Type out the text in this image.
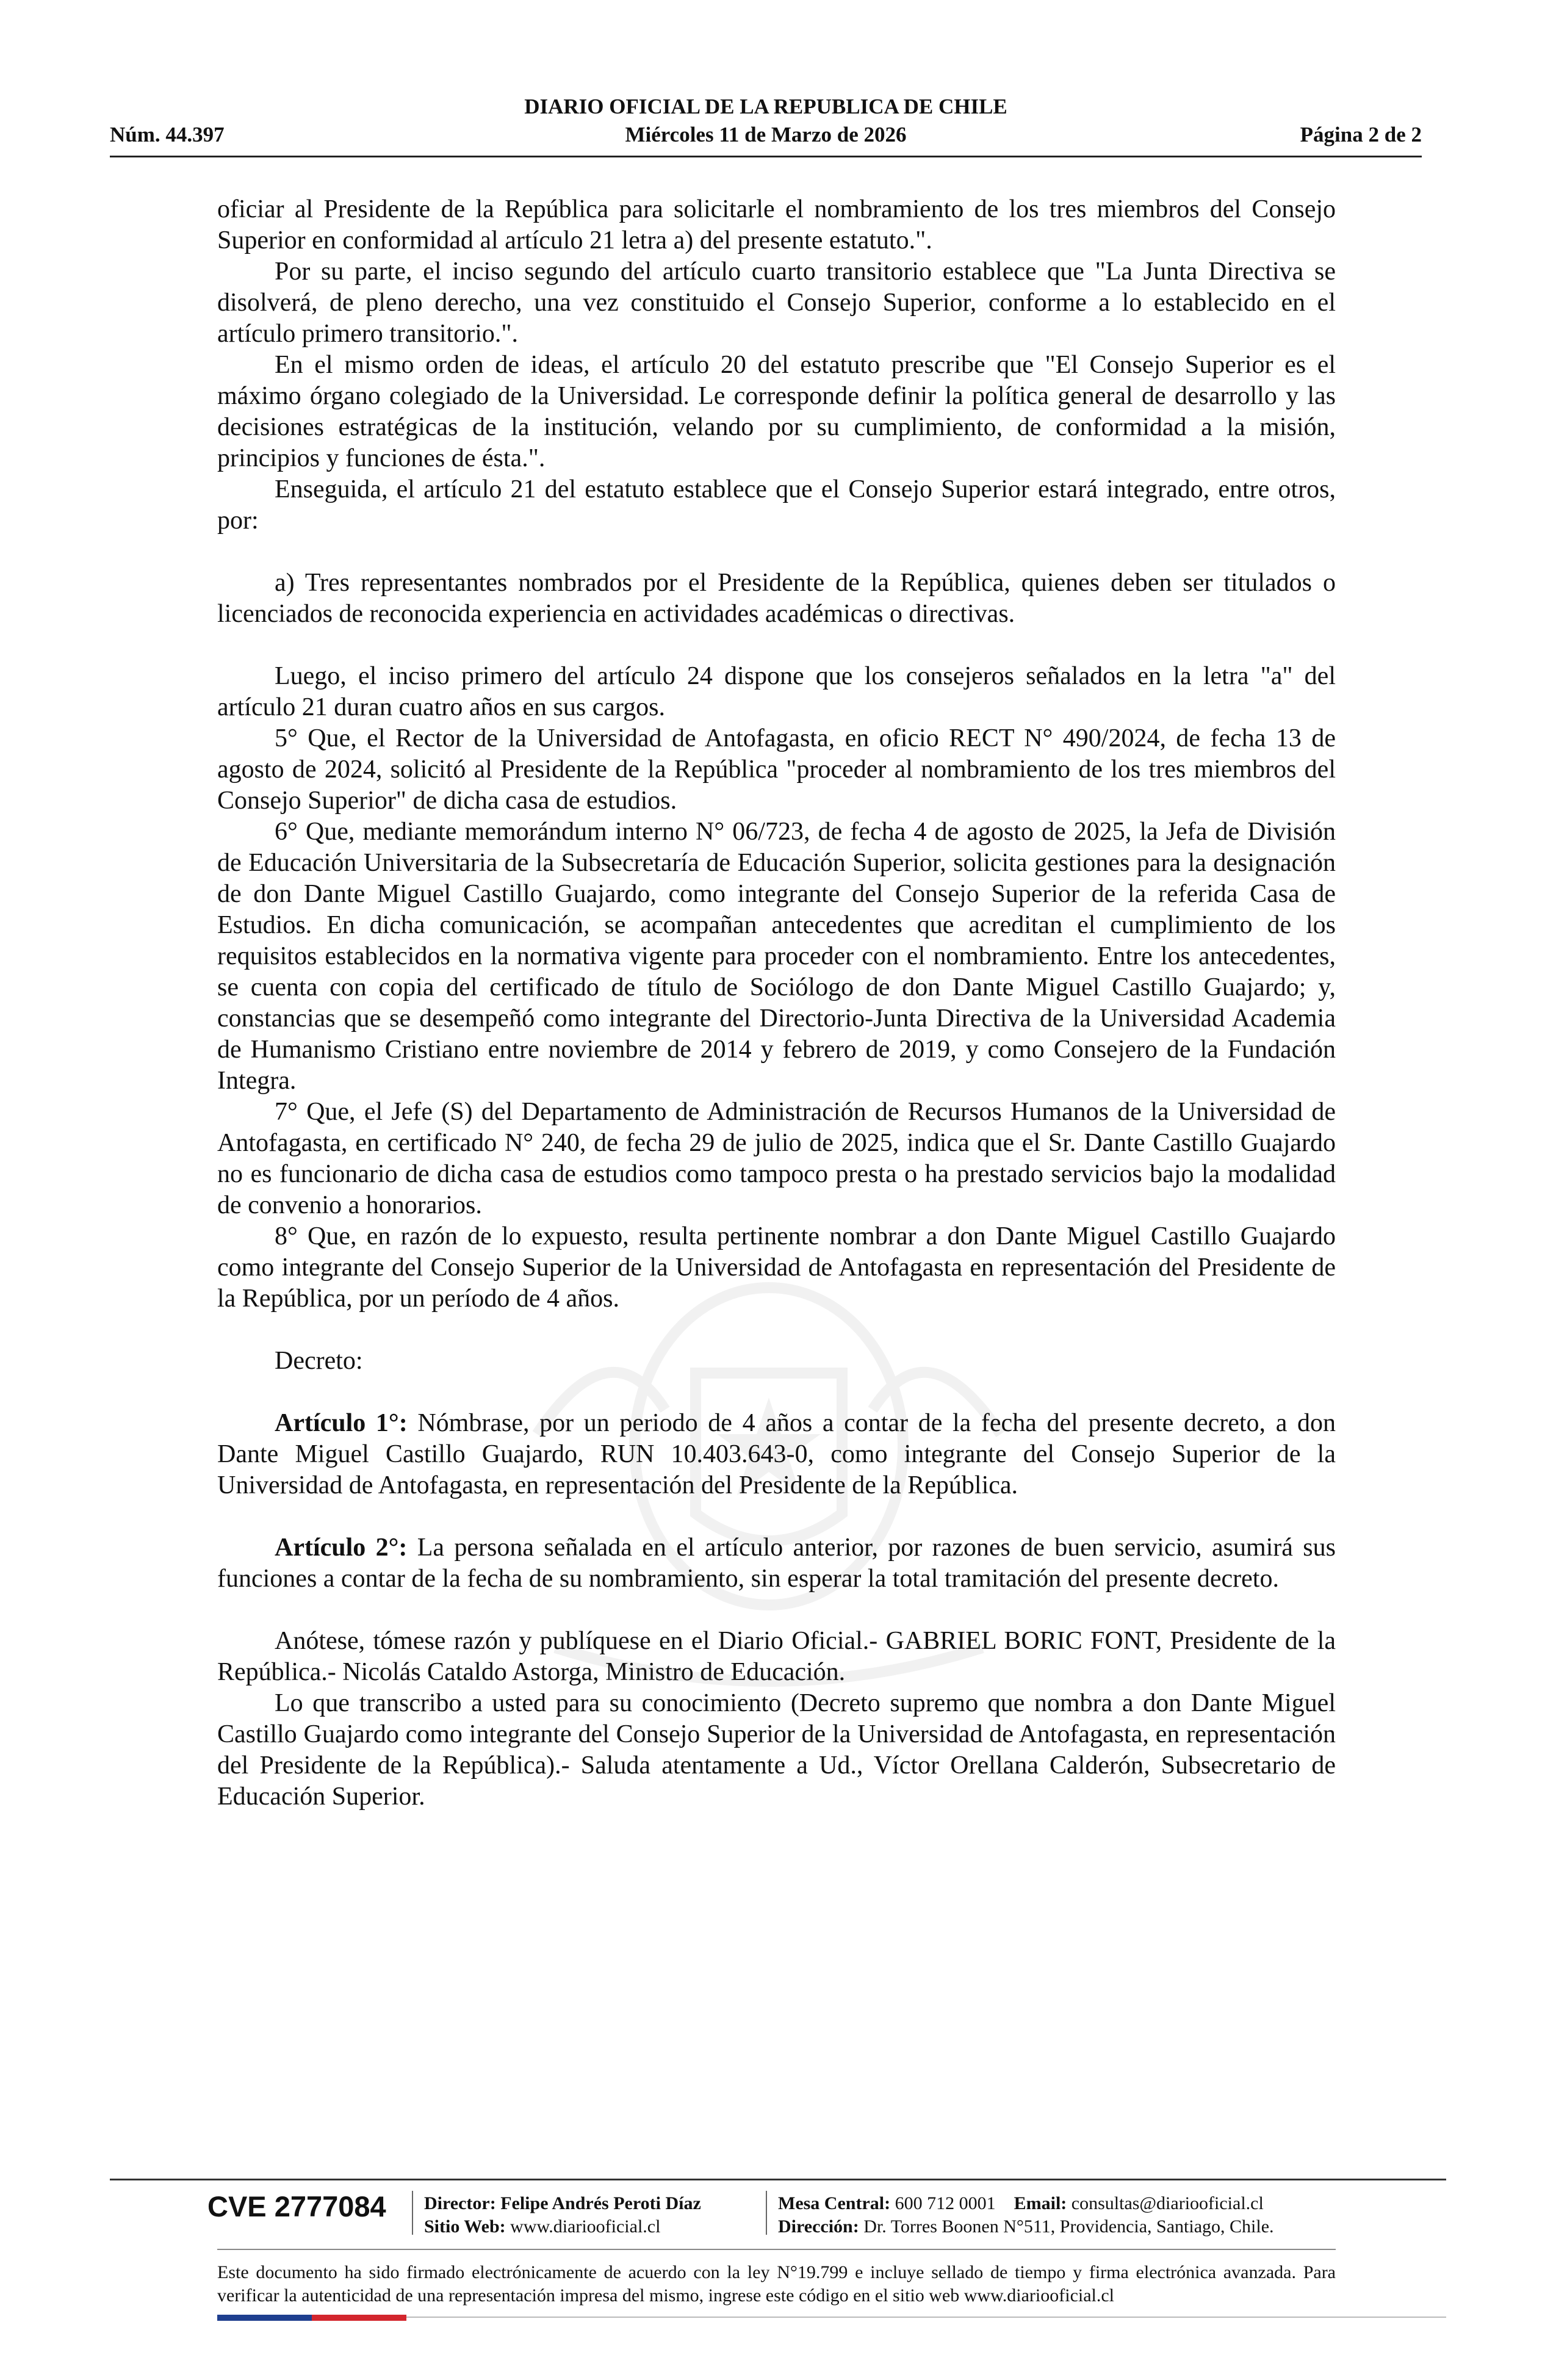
DIARIO OFICIAL DE LA REPUBLICA DE CHILE
Miércoles 11 de Marzo de 2026
Núm. 44.397	Página 2 de 2

oficiar al Presidente de la República para solicitarle el nombramiento de los tres miembros del Consejo Superior en conformidad al artículo 21 letra a) del presente estatuto.".

Por su parte, el inciso segundo del artículo cuarto transitorio establece que "La Junta Directiva se disolverá, de pleno derecho, una vez constituido el Consejo Superior, conforme a lo establecido en el artículo primero transitorio.".

En el mismo orden de ideas, el artículo 20 del estatuto prescribe que "El Consejo Superior es el máximo órgano colegiado de la Universidad. Le corresponde definir la política general de desarrollo y las decisiones estratégicas de la institución, velando por su cumplimiento, de conformidad a la misión, principios y funciones de ésta.".

Enseguida, el artículo 21 del estatuto establece que el Consejo Superior estará integrado, entre otros, por:

a) Tres representantes nombrados por el Presidente de la República, quienes deben ser titulados o licenciados de reconocida experiencia en actividades académicas o directivas.

Luego, el inciso primero del artículo 24 dispone que los consejeros señalados en la letra "a" del artículo 21 duran cuatro años en sus cargos.

5° Que, el Rector de la Universidad de Antofagasta, en oficio RECT N° 490/2024, de fecha 13 de agosto de 2024, solicitó al Presidente de la República "proceder al nombramiento de los tres miembros del Consejo Superior" de dicha casa de estudios.

6° Que, mediante memorándum interno N° 06/723, de fecha 4 de agosto de 2025, la Jefa de División de Educación Universitaria de la Subsecretaría de Educación Superior, solicita gestiones para la designación de don Dante Miguel Castillo Guajardo, como integrante del Consejo Superior de la referida Casa de Estudios. En dicha comunicación, se acompañan antecedentes que acreditan el cumplimiento de los requisitos establecidos en la normativa vigente para proceder con el nombramiento. Entre los antecedentes, se cuenta con copia del certificado de título de Sociólogo de don Dante Miguel Castillo Guajardo; y, constancias que se desempeñó como integrante del Directorio-Junta Directiva de la Universidad Academia de Humanismo Cristiano entre noviembre de 2014 y febrero de 2019, y como Consejero de la Fundación Integra.

7° Que, el Jefe (S) del Departamento de Administración de Recursos Humanos de la Universidad de Antofagasta, en certificado N° 240, de fecha 29 de julio de 2025, indica que el Sr. Dante Castillo Guajardo no es funcionario de dicha casa de estudios como tampoco presta o ha prestado servicios bajo la modalidad de convenio a honorarios.

8° Que, en razón de lo expuesto, resulta pertinente nombrar a don Dante Miguel Castillo Guajardo como integrante del Consejo Superior de la Universidad de Antofagasta en representación del Presidente de la República, por un período de 4 años.

Decreto:

Artículo 1°: Nómbrase, por un periodo de 4 años a contar de la fecha del presente decreto, a don Dante Miguel Castillo Guajardo, RUN 10.403.643-0, como integrante del Consejo Superior de la Universidad de Antofagasta, en representación del Presidente de la República.

Artículo 2°: La persona señalada en el artículo anterior, por razones de buen servicio, asumirá sus funciones a contar de la fecha de su nombramiento, sin esperar la total tramitación del presente decreto.

Anótese, tómese razón y publíquese en el Diario Oficial.- GABRIEL BORIC FONT, Presidente de la República.- Nicolás Cataldo Astorga, Ministro de Educación.

Lo que transcribo a usted para su conocimiento (Decreto supremo que nombra a don Dante Miguel Castillo Guajardo como integrante del Consejo Superior de la Universidad de Antofagasta, en representación del Presidente de la República).- Saluda atentamente a Ud., Víctor Orellana Calderón, Subsecretario de Educación Superior.

CVE 2777084 Director: Felipe Andrés Peroti Díaz
Sitio Web: www.diariooficial.cl
Mesa Central: 600 712 0001 Email: consultas@diariooficial.cl
Dirección: Dr. Torres Boonen N°511, Providencia, Santiago, Chile.
Este documento ha sido firmado electrónicamente de acuerdo con la ley N°19.799 e incluye sellado de tiempo y firma electrónica avanzada. Para verificar la autenticidad de una representación impresa del mismo, ingrese este código en el sitio web www.diariooficial.cl
